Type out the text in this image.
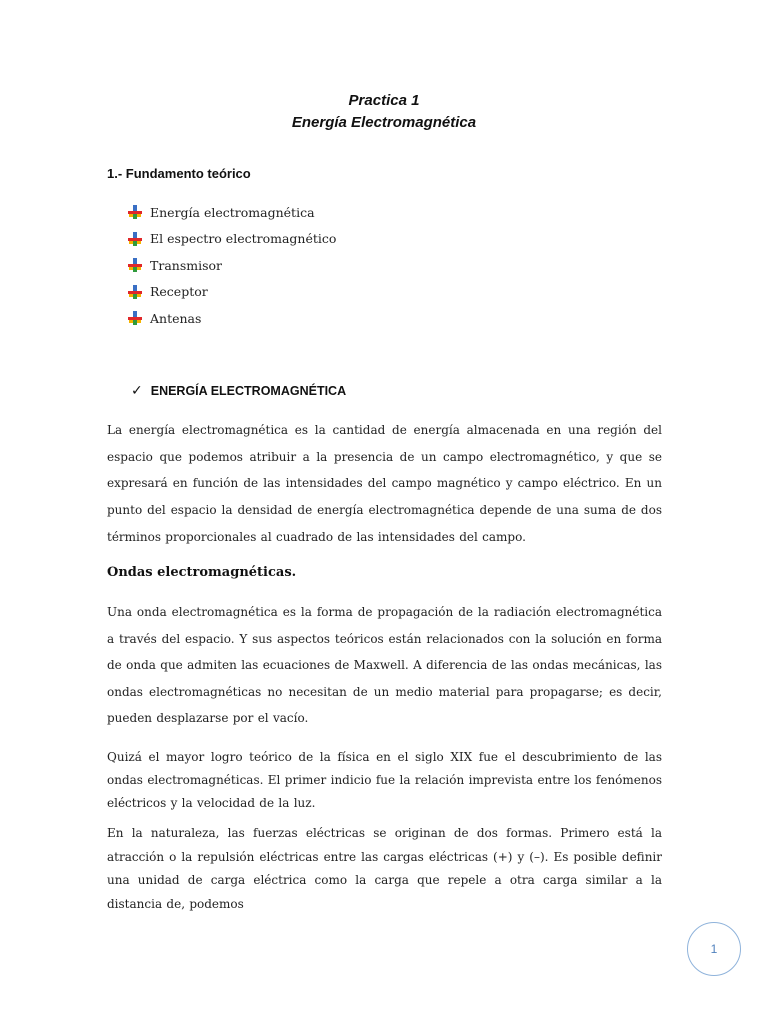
Practica 1
Energía Electromagnética
1.- Fundamento teórico
Energía electromagnética
El espectro electromagnético
Transmisor
Receptor
Antenas
✓ ENERGÍA ELECTROMAGNÉTICA

La energía electromagnética es la cantidad de energía almacenada en una región del espacio que podemos atribuir a la presencia de un campo electromagnético, y que se expresará en función de las intensidades del campo magnético y campo eléctrico. En un punto del espacio la densidad de energía electromagnética depende de una suma de dos términos proporcionales al cuadrado de las intensidades del campo.

Ondas electromagnéticas.

Una onda electromagnética es la forma de propagación de la radiación electromagnética a través del espacio. Y sus aspectos teóricos están relacionados con la solución en forma de onda que admiten las ecuaciones de Maxwell. A diferencia de las ondas mecánicas, las ondas electromagnéticas no necesitan de un medio material para propagarse; es decir, pueden desplazarse por el vacío.

Quizá el mayor logro teórico de la física en el siglo XIX fue el descubrimiento de las ondas electromagnéticas. El primer indicio fue la relación imprevista entre los fenómenos eléctricos y la velocidad de la luz.

En la naturaleza, las fuerzas eléctricas se originan de dos formas. Primero está la atracción o la repulsión eléctricas entre las cargas eléctricas (+) y (–). Es posible definir una unidad de carga eléctrica como la carga que repele a otra carga similar a la distancia de, podemos

1
